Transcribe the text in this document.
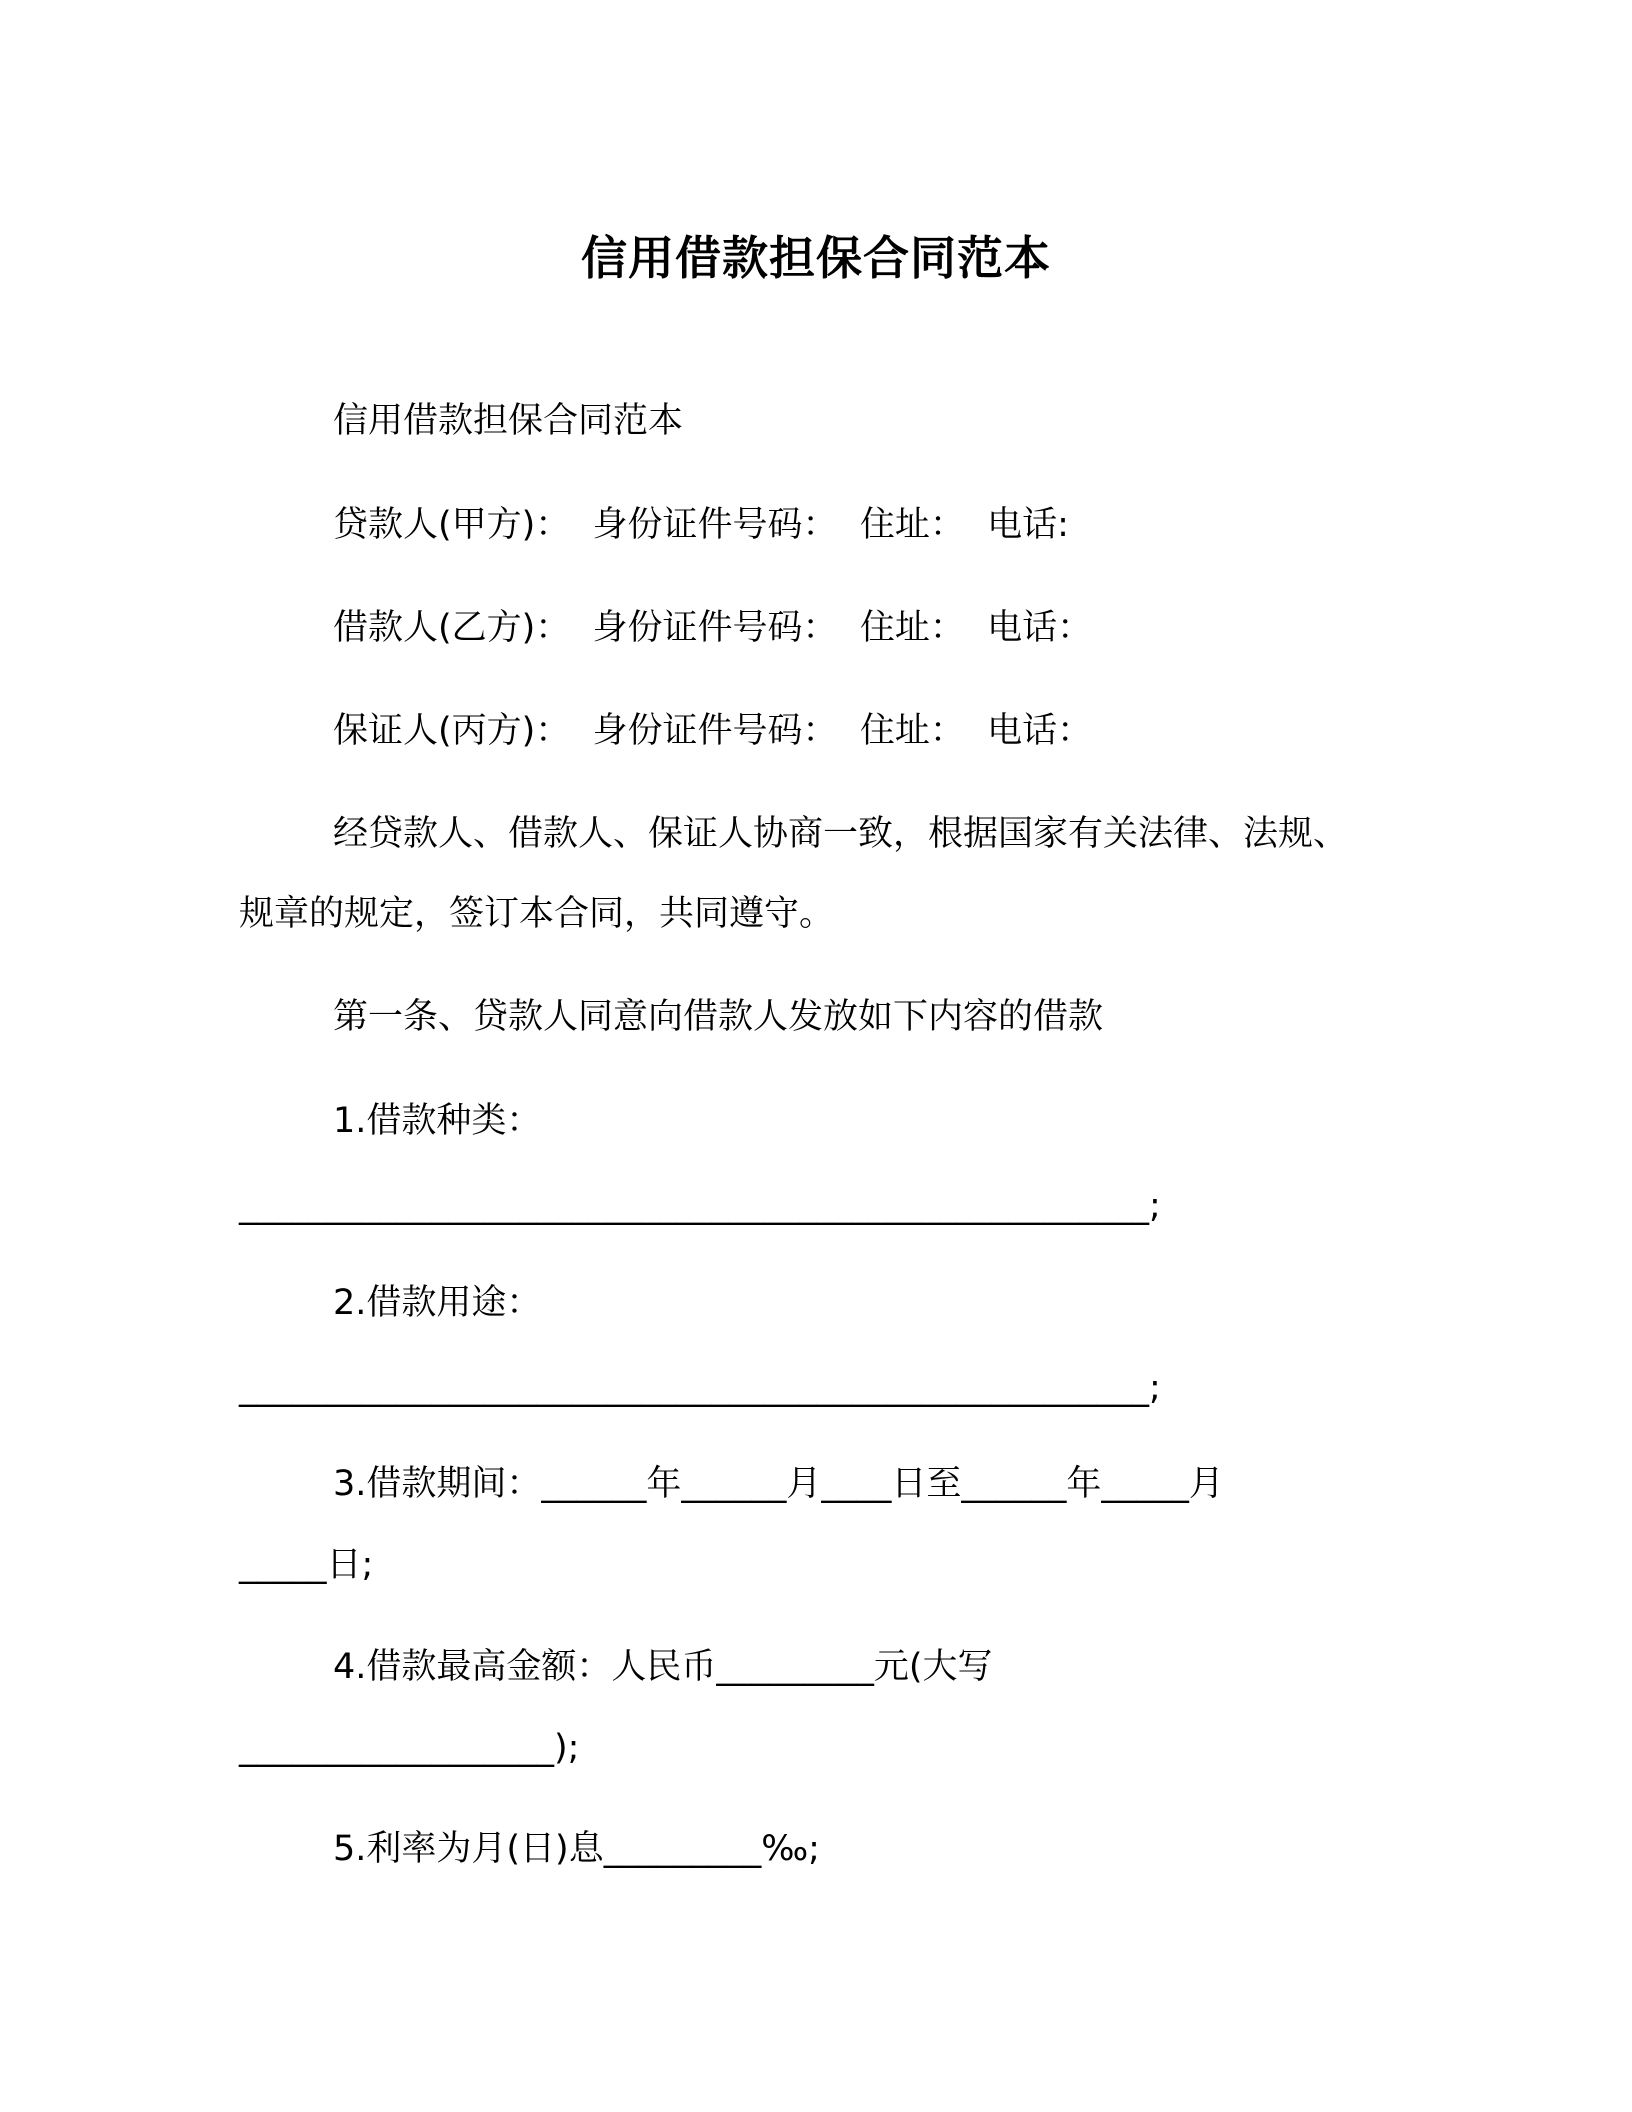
信用借款担保合同范本
信用借款担保合同范本
贷款人(甲方)：  身份证件号码：  住址：  电话:
借款人(乙方)：  身份证件号码：  住址：  电话：
保证人(丙方)：  身份证件号码：  住址：  电话：
经贷款人、借款人、保证人协商一致，根据国家有关法律、法规、
规章的规定，签订本合同，共同遵守。
第一条、贷款人同意向借款人发放如下内容的借款
1.借款种类：
____________________________________________________;
2.借款用途：
____________________________________________________;
3.借款期间：______年______月____日至______年_____月
_____日;
4.借款最高金额：人民币_________元(大写
__________________);
5.利率为月(日)息_________‰;
